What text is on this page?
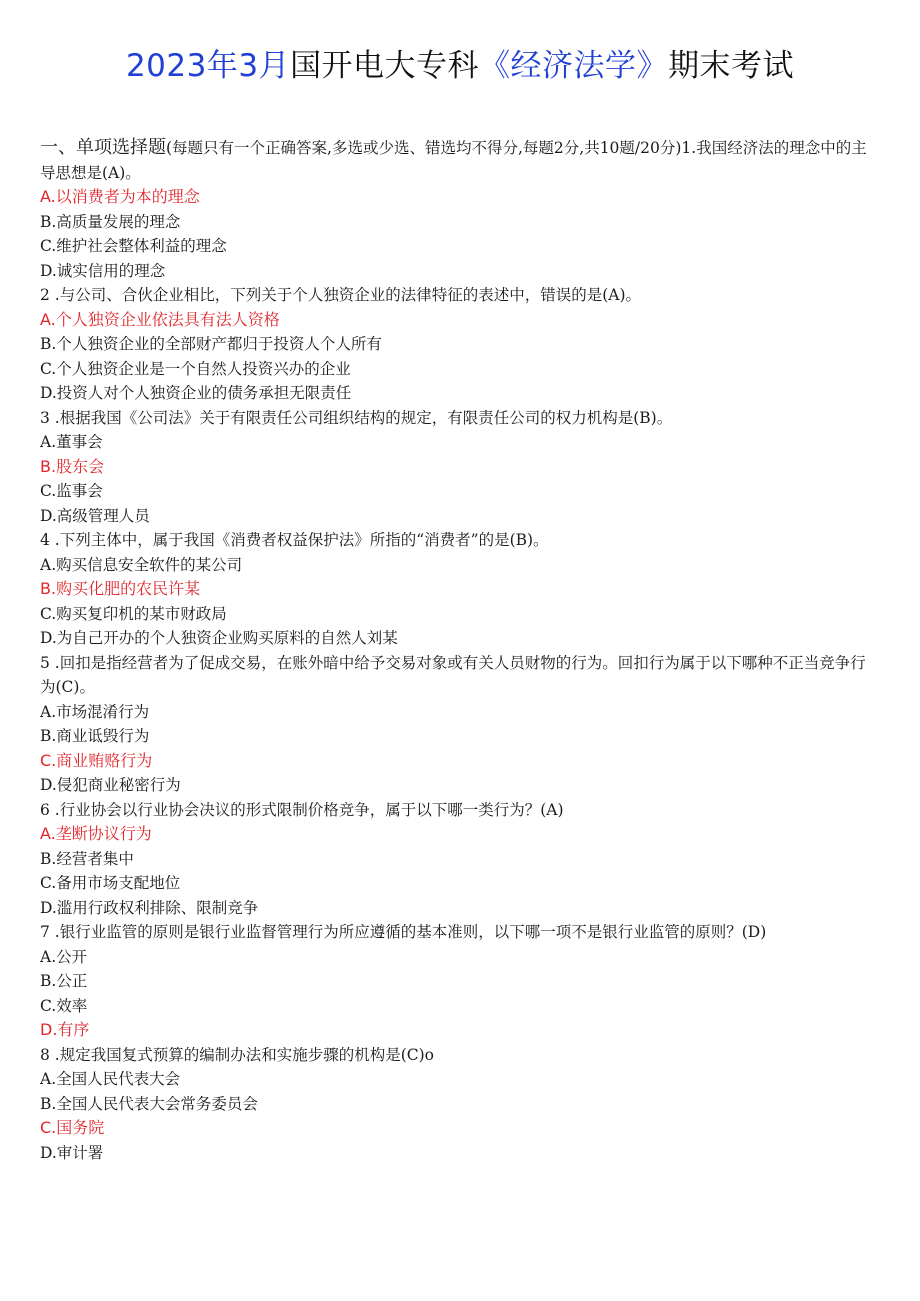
2023年3月国开电大专科《经济法学》期末考试
一、单项选择题(每题只有一个正确答案,多选或少选、错选均不得分,每题2分,共10题/20分)1.我国经济法的理念中的主导思想是(A)。
A.以消费者为本的理念
B.高质量发展的理念
C.维护社会整体利益的理念
D.诚实信用的理念
2 .与公司、合伙企业相比，下列关于个人独资企业的法律特征的表述中，错误的是(A)。
A.个人独资企业依法具有法人资格
B.个人独资企业的全部财产都归于投资人个人所有
C.个人独资企业是一个自然人投资兴办的企业
D.投资人对个人独资企业的债务承担无限责任
3 .根据我国《公司法》关于有限责任公司组织结构的规定，有限责任公司的权力机构是(B)。
A.董事会
B.股东会
C.监事会
D.高级管理人员
4 .下列主体中，属于我国《消费者权益保护法》所指的“消费者”的是(B)。
A.购买信息安全软件的某公司
B.购买化肥的农民许某
C.购买复印机的某市财政局
D.为自己开办的个人独资企业购买原料的自然人刘某
5 .回扣是指经营者为了促成交易，在账外暗中给予交易对象或有关人员财物的行为。回扣行为属于以下哪种不正当竞争行为(C)。
A.市场混淆行为
B.商业诋毁行为
C.商业贿赂行为
D.侵犯商业秘密行为
6 .行业协会以行业协会决议的形式限制价格竞争，属于以下哪一类行为？(A)
A.垄断协议行为
B.经营者集中
C.备用市场支配地位
D.滥用行政权利排除、限制竞争
7 .银行业监管的原则是银行业监督管理行为所应遵循的基本准则，以下哪一项不是银行业监管的原则？(D)
A.公开
B.公正
C.效率
D.有序
8 .规定我国复式预算的编制办法和实施步骤的机构是(C)o
A.全国人民代表大会
B.全国人民代表大会常务委员会
C.国务院
D.审计署
